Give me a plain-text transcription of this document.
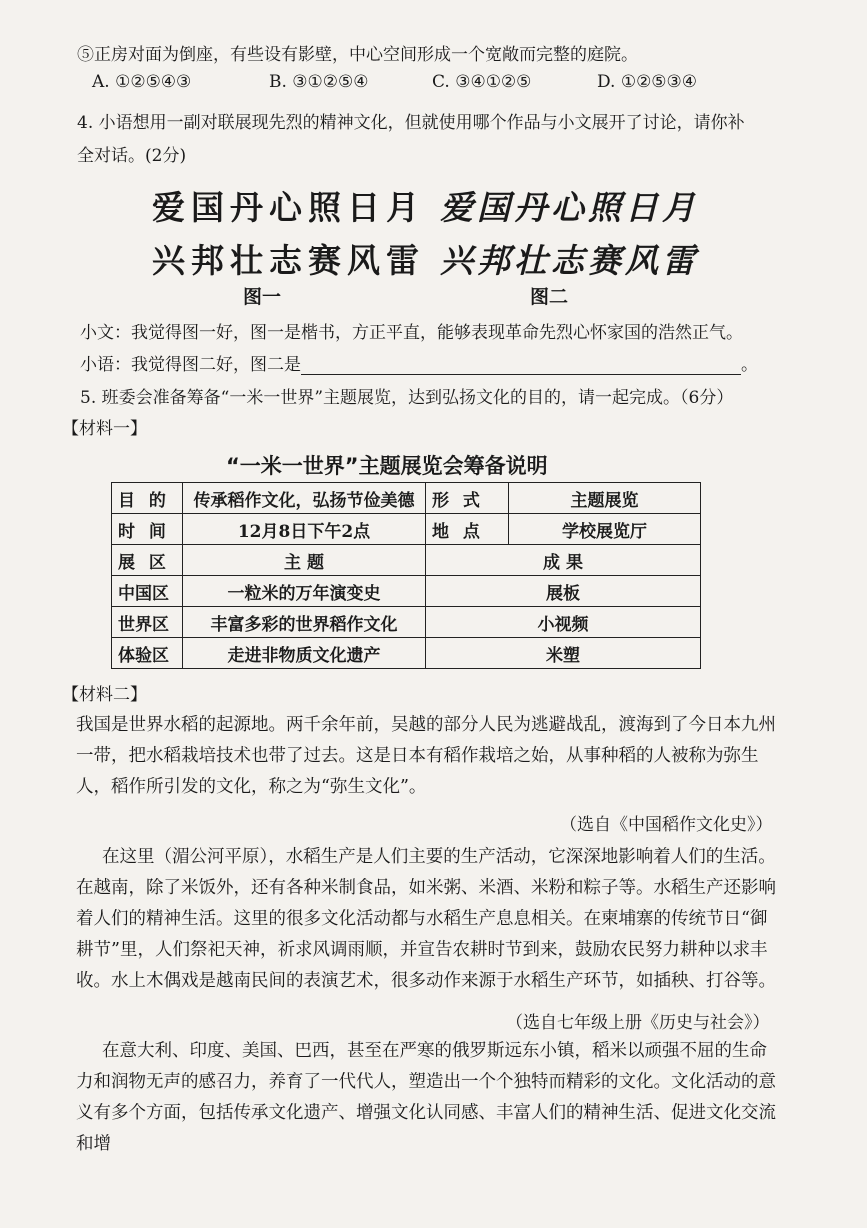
⑤正房对面为倒座，有些设有影壁，中心空间形成一个宽敞而完整的庭院。
A. ①②⑤④③	B. ③①②⑤④	C. ③④①②⑤	D. ①②⑤③④
4. 小语想用一副对联展现先烈的精神文化，但就使用哪个作品与小文展开了讨论，请你补
全对话。(2分)
爱国丹心照日月
兴邦壮志赛风雷
爱国丹心照日月
兴邦壮志赛风雷
图一	图二
小文：我觉得图一好，图一是楷书，方正平直，能够表现革命先烈心怀家国的浩然正气。
小语：我觉得图二好，图二是	。
5. 班委会准备筹备“一米一世界”主题展览，达到弘扬文化的目的，请一起完成。（6分）
【材料一】
“一米一世界”主题展览会筹备说明
目 的	传承稻作文化，弘扬节俭美德	形 式	主题展览
时 间	12月8日下午2点	地 点	学校展览厅
展 区	主 题	成 果	
中国区	一粒米的万年演变史	展板	
世界区	丰富多彩的世界稻作文化	小视频	
体验区	走进非物质文化遗产	米塑	
【材料二】
我国是世界水稻的起源地。两千余年前，吴越的部分人民为逃避战乱，渡海到了今日本九州一带，把水稻栽培技术也带了过去。这是日本有稻作栽培之始，从事种稻的人被称为弥生人，稻作所引发的文化，称之为“弥生文化”。
（选自《中国稻作文化史》）
在这里（湄公河平原），水稻生产是人们主要的生产活动，它深深地影响着人们的生活。在越南，除了米饭外，还有各种米制食品，如米粥、米酒、米粉和粽子等。水稻生产还影响着人们的精神生活。这里的很多文化活动都与水稻生产息息相关。在柬埔寨的传统节日“御耕节”里，人们祭祀天神，祈求风调雨顺，并宣告农耕时节到来，鼓励农民努力耕种以求丰收。水上木偶戏是越南民间的表演艺术，很多动作来源于水稻生产环节，如插秧、打谷等。
（选自七年级上册《历史与社会》）
在意大利、印度、美国、巴西，甚至在严寒的俄罗斯远东小镇，稻米以顽强不屈的生命力和润物无声的感召力，养育了一代代人，塑造出一个个独特而精彩的文化。文化活动的意义有多个方面，包括传承文化遗产、增强文化认同感、丰富人们的精神生活、促进文化交流和增
